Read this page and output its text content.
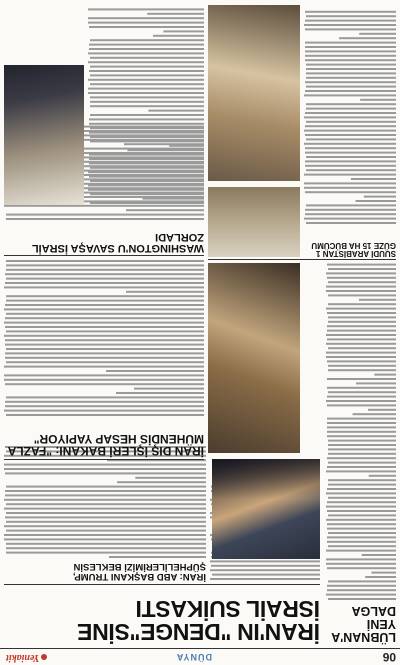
06
DÜNYA
Yeniakit
LÜBNAN'A YENİ DALGA
İRAN'IN "DENGE"SİNE İSRAİL SUİKASTI

İRAN: ABD BAŞKANI TRUMP, ŞÜPHELİLERİMİZİ BEKLESİN
İRAN DIŞ İŞLERİ BAKANI: "FAZLA MÜHENDİS HESAP YAPIYOR"
SUUDİ ARABİSTAN 1 GÜZE 15 HA BÜCÜMU
WASHINGTON'U SAVAŞA İSRAİL ZORLADI
